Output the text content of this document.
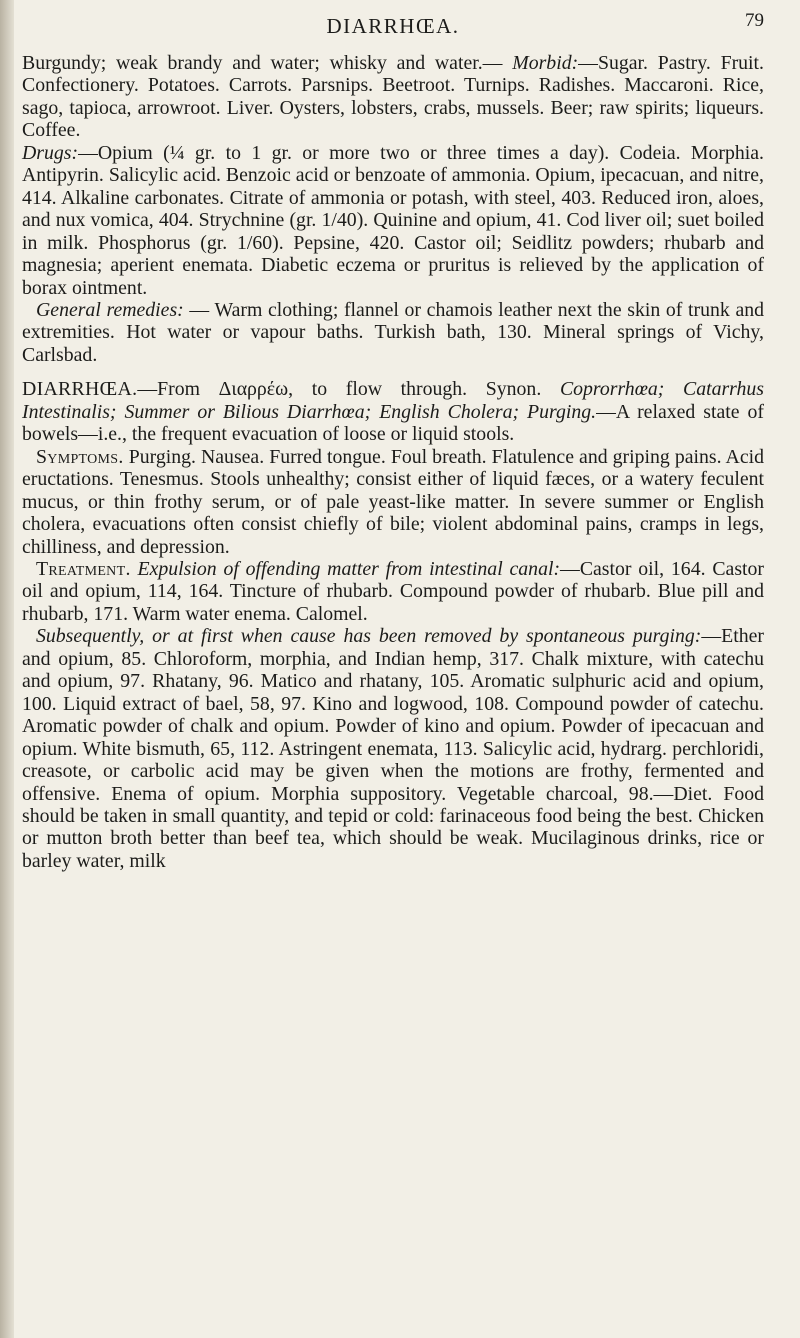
DIARRHŒA.	79

Burgundy; weak brandy and water; whisky and water.— Morbid:—Sugar. Pastry. Fruit. Confectionery. Potatoes. Carrots. Parsnips. Beetroot. Turnips. Radishes. Maccaroni. Rice, sago, tapioca, arrowroot. Liver. Oysters, lobsters, crabs, mussels. Beer; raw spirits; liqueurs. Coffee.

Drugs:—Opium (¼ gr. to 1 gr. or more two or three times a day). Codeia. Morphia. Antipyrin. Salicylic acid. Benzoic acid or benzoate of ammonia. Opium, ipecacuan, and nitre, 414. Alkaline carbonates. Citrate of ammonia or potash, with steel, 403. Reduced iron, aloes, and nux vomica, 404. Strychnine (gr. 1/40). Quinine and opium, 41. Cod liver oil; suet boiled in milk. Phosphorus (gr. 1/60). Pepsine, 420. Castor oil; Seidlitz powders; rhubarb and magnesia; aperient enemata. Diabetic eczema or pruritus is relieved by the application of borax ointment.

General remedies: — Warm clothing; flannel or chamois leather next the skin of trunk and extremities. Hot water or vapour baths. Turkish bath, 130. Mineral springs of Vichy, Carlsbad.

DIARRHŒA.—From Διαρρέω, to flow through. Synon. Coprorrhœa; Catarrhus Intestinalis; Summer or Bilious Diarrhœa; English Cholera; Purging.—A relaxed state of bowels—i.e., the frequent evacuation of loose or liquid stools.

Symptoms. Purging. Nausea. Furred tongue. Foul breath. Flatulence and griping pains. Acid eructations. Tenesmus. Stools unhealthy; consist either of liquid fæces, or a watery feculent mucus, or thin frothy serum, or of pale yeast-like matter. In severe summer or English cholera, evacuations often consist chiefly of bile; violent abdominal pains, cramps in legs, chilliness, and depression.

Treatment. Expulsion of offending matter from intestinal canal:—Castor oil, 164. Castor oil and opium, 114, 164. Tincture of rhubarb. Compound powder of rhubarb. Blue pill and rhubarb, 171. Warm water enema. Calomel.

Subsequently, or at first when cause has been removed by spontaneous purging:—Ether and opium, 85. Chloroform, morphia, and Indian hemp, 317. Chalk mixture, with catechu and opium, 97. Rhatany, 96. Matico and rhatany, 105. Aromatic sulphuric acid and opium, 100. Liquid extract of bael, 58, 97. Kino and logwood, 108. Compound powder of catechu. Aromatic powder of chalk and opium. Powder of kino and opium. Powder of ipecacuan and opium. White bismuth, 65, 112. Astringent enemata, 113. Salicylic acid, hydrarg. perchloridi, creasote, or carbolic acid may be given when the motions are frothy, fermented and offensive. Enema of opium. Morphia suppository. Vegetable charcoal, 98.—Diet. Food should be taken in small quantity, and tepid or cold: farinaceous food being the best. Chicken or mutton broth better than beef tea, which should be weak. Mucilaginous drinks, rice or barley water, milk
